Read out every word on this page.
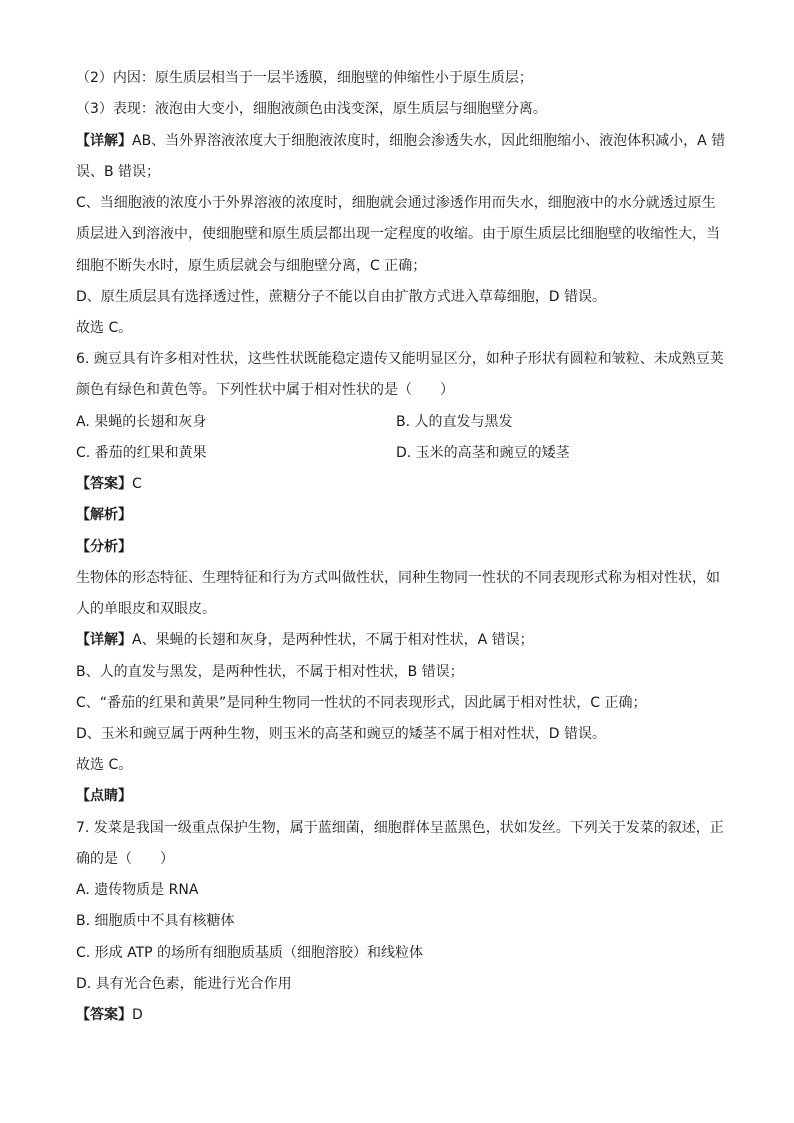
（2）内因：原生质层相当于一层半透膜，细胞壁的伸缩性小于原生质层；
（3）表现：液泡由大变小，细胞液颜色由浅变深，原生质层与细胞壁分离。
【详解】AB、当外界溶液浓度大于细胞液浓度时，细胞会渗透失水，因此细胞缩小、液泡体积减小，A 错
误、B 错误；
C、当细胞液的浓度小于外界溶液的浓度时，细胞就会通过渗透作用而失水，细胞液中的水分就透过原生
质层进入到溶液中，使细胞壁和原生质层都出现一定程度的收缩。由于原生质层比细胞壁的收缩性大，当
细胞不断失水时，原生质层就会与细胞壁分离，C 正确；
D、原生质层具有选择透过性，蔗糖分子不能以自由扩散方式进入草莓细胞，D 错误。
故选 C。
6. 豌豆具有许多相对性状，这些性状既能稳定遗传又能明显区分，如种子形状有圆粒和皱粒、未成熟豆荚
颜色有绿色和黄色等。下列性状中属于相对性状的是（　　）
A. 果蝇的长翅和灰身	B. 人的直发与黑发
C. 番茄的红果和黄果	D. 玉米的高茎和豌豆的矮茎
【答案】C
【解析】
【分析】
生物体的形态特征、生理特征和行为方式叫做性状，同种生物同一性状的不同表现形式称为相对性状，如
人的单眼皮和双眼皮。
【详解】A、果蝇的长翅和灰身，是两种性状，不属于相对性状，A 错误；
B、人的直发与黑发，是两种性状，不属于相对性状，B 错误；
C、“番茄的红果和黄果”是同种生物同一性状的不同表现形式，因此属于相对性状，C 正确；
D、玉米和豌豆属于两种生物，则玉米的高茎和豌豆的矮茎不属于相对性状，D 错误。
故选 C。
【点睛】
7. 发菜是我国一级重点保护生物，属于蓝细菌，细胞群体呈蓝黑色，状如发丝。下列关于发菜的叙述，正
确的是（　　）
A. 遗传物质是 RNA
B. 细胞质中不具有核糖体
C. 形成 ATP 的场所有细胞质基质（细胞溶胶）和线粒体
D. 具有光合色素，能进行光合作用
【答案】D
